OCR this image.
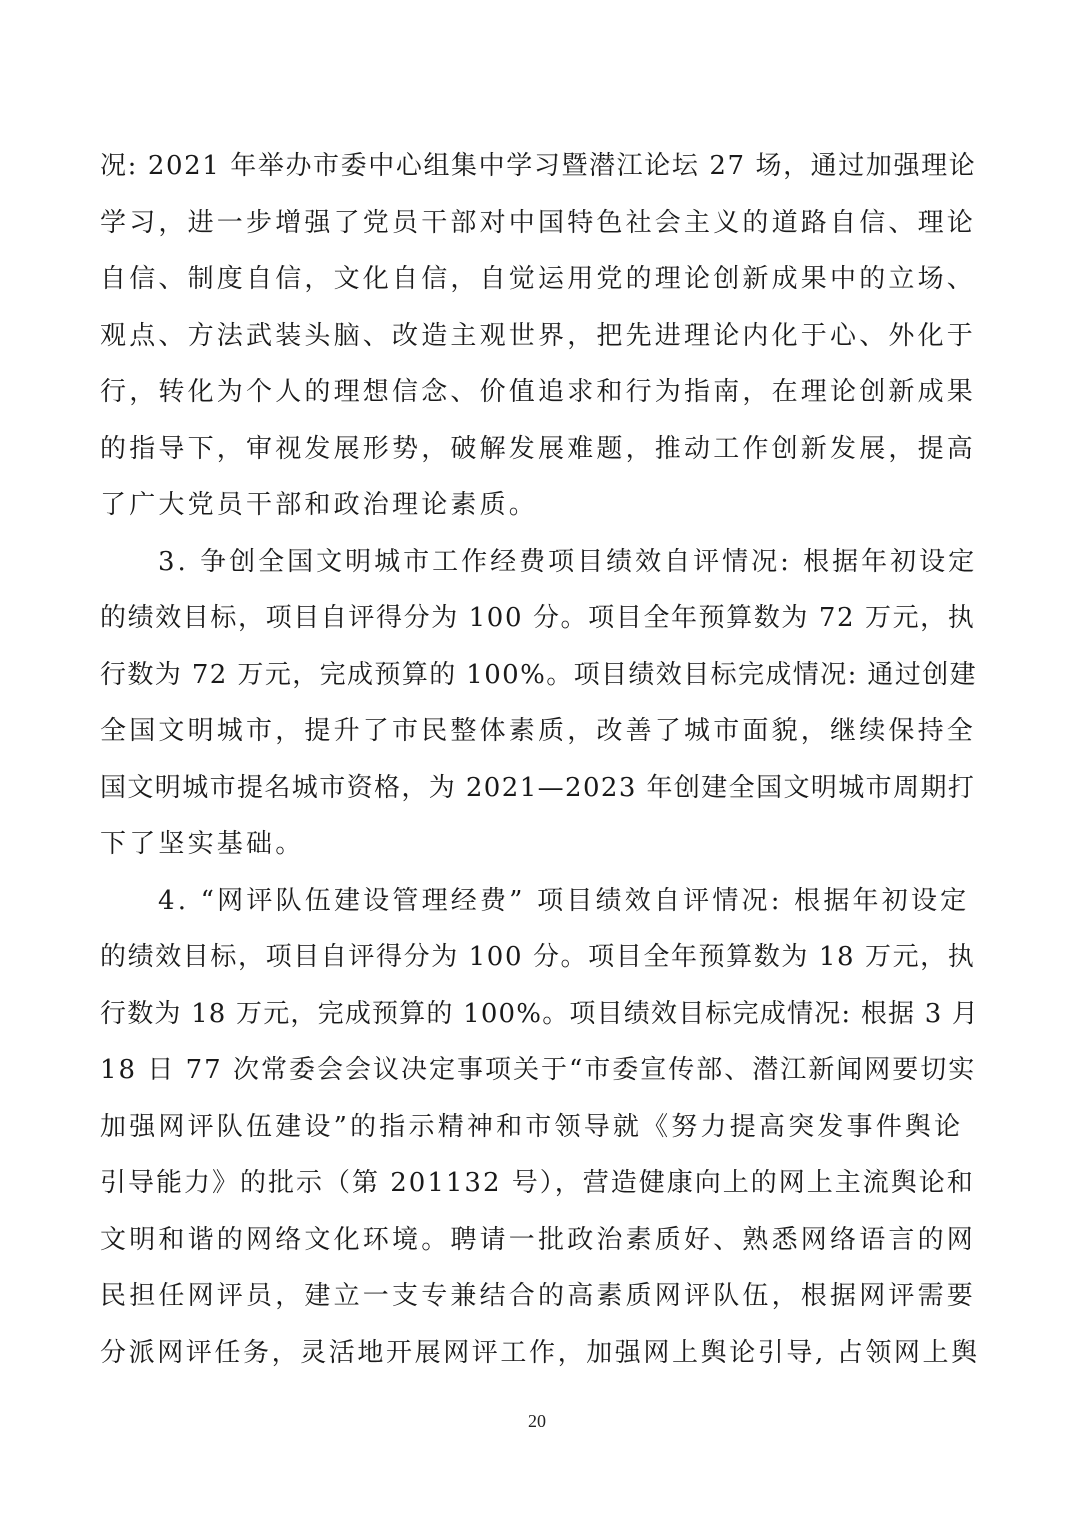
况: 2021 年举办市委中心组集中学习暨潜江论坛 27 场，通过加强理论
学习，进一步增强了党员干部对中国特色社会主义的道路自信、理论
自信、制度自信，文化自信，自觉运用党的理论创新成果中的立场、
观点、方法武装头脑、改造主观世界，把先进理论内化于心、外化于
行，转化为个人的理想信念、价值追求和行为指南，在理论创新成果
的指导下，审视发展形势，破解发展难题，推动工作创新发展，提高
了广大党员干部和政治理论素质。
3. 争创全国文明城市工作经费项目绩效自评情况: 根据年初设定
的绩效目标，项目自评得分为 100 分。项目全年预算数为 72 万元，执
行数为 72 万元，完成预算的 100%。项目绩效目标完成情况: 通过创建
全国文明城市，提升了市民整体素质，改善了城市面貌，继续保持全
国文明城市提名城市资格，为 2021—2023 年创建全国文明城市周期打
下了坚实基础。
4. “网评队伍建设管理经费” 项目绩效自评情况: 根据年初设定
的绩效目标，项目自评得分为 100 分。项目全年预算数为 18 万元，执
行数为 18 万元，完成预算的 100%。项目绩效目标完成情况: 根据 3 月
18 日 77 次常委会会议决定事项关于“市委宣传部、潜江新闻网要切实
加强网评队伍建设”的指示精神和市领导就《努力提高突发事件舆论
引导能力》的批示（第 201132 号），营造健康向上的网上主流舆论和
文明和谐的网络文化环境。聘请一批政治素质好、熟悉网络语言的网
民担任网评员，建立一支专兼结合的高素质网评队伍，根据网评需要
分派网评任务，灵活地开展网评工作，加强网上舆论引导, 占领网上舆
20
